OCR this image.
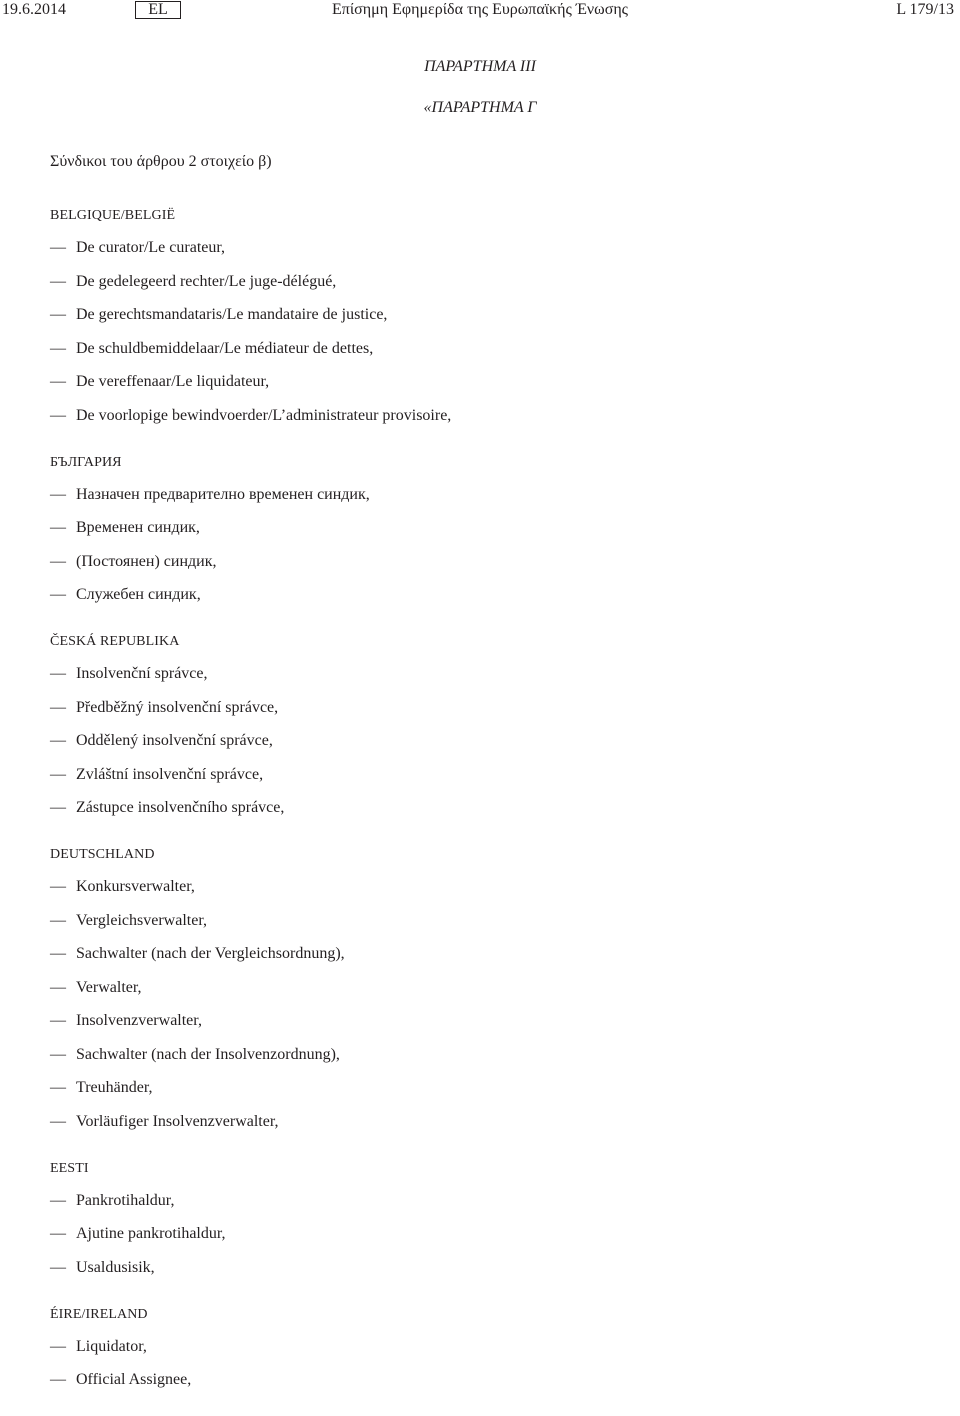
19.6.2014	EL	Επίσημη Εφημερίδα της Ευρωπαϊκής Ένωσης	L 179/13
ΠΑΡΑΡΤΗΜΑ III
«ΠΑΡΑΡΤΗΜΑ Γ
Σύνδικοι του άρθρου 2 στοιχείο β)
BELGIQUE/BELGIË
— De curator/Le curateur,
— De gedelegeerd rechter/Le juge-délégué,
— De gerechtsmandataris/Le mandataire de justice,
— De schuldbemiddelaar/Le médiateur de dettes,
— De vereffenaar/Le liquidateur,
— De voorlopige bewindvoerder/L’administrateur provisoire,
БЪЛГАРИЯ
— Назначен предварително временен синдик,
— Временен синдик,
— (Постоянен) синдик,
— Служебен синдик,
ČESKÁ REPUBLIKA
— Insolvenční správce,
— Předběžný insolvenční správce,
— Oddělený insolvenční správce,
— Zvláštní insolvenční správce,
— Zástupce insolvenčního správce,
DEUTSCHLAND
— Konkursverwalter,
— Vergleichsverwalter,
— Sachwalter (nach der Vergleichsordnung),
— Verwalter,
— Insolvenzverwalter,
— Sachwalter (nach der Insolvenzordnung),
— Treuhänder,
— Vorläufiger Insolvenzverwalter,
EESTI
— Pankrotihaldur,
— Ajutine pankrotihaldur,
— Usaldusisik,
ÉIRE/IRELAND
— Liquidator,
— Official Assignee,
